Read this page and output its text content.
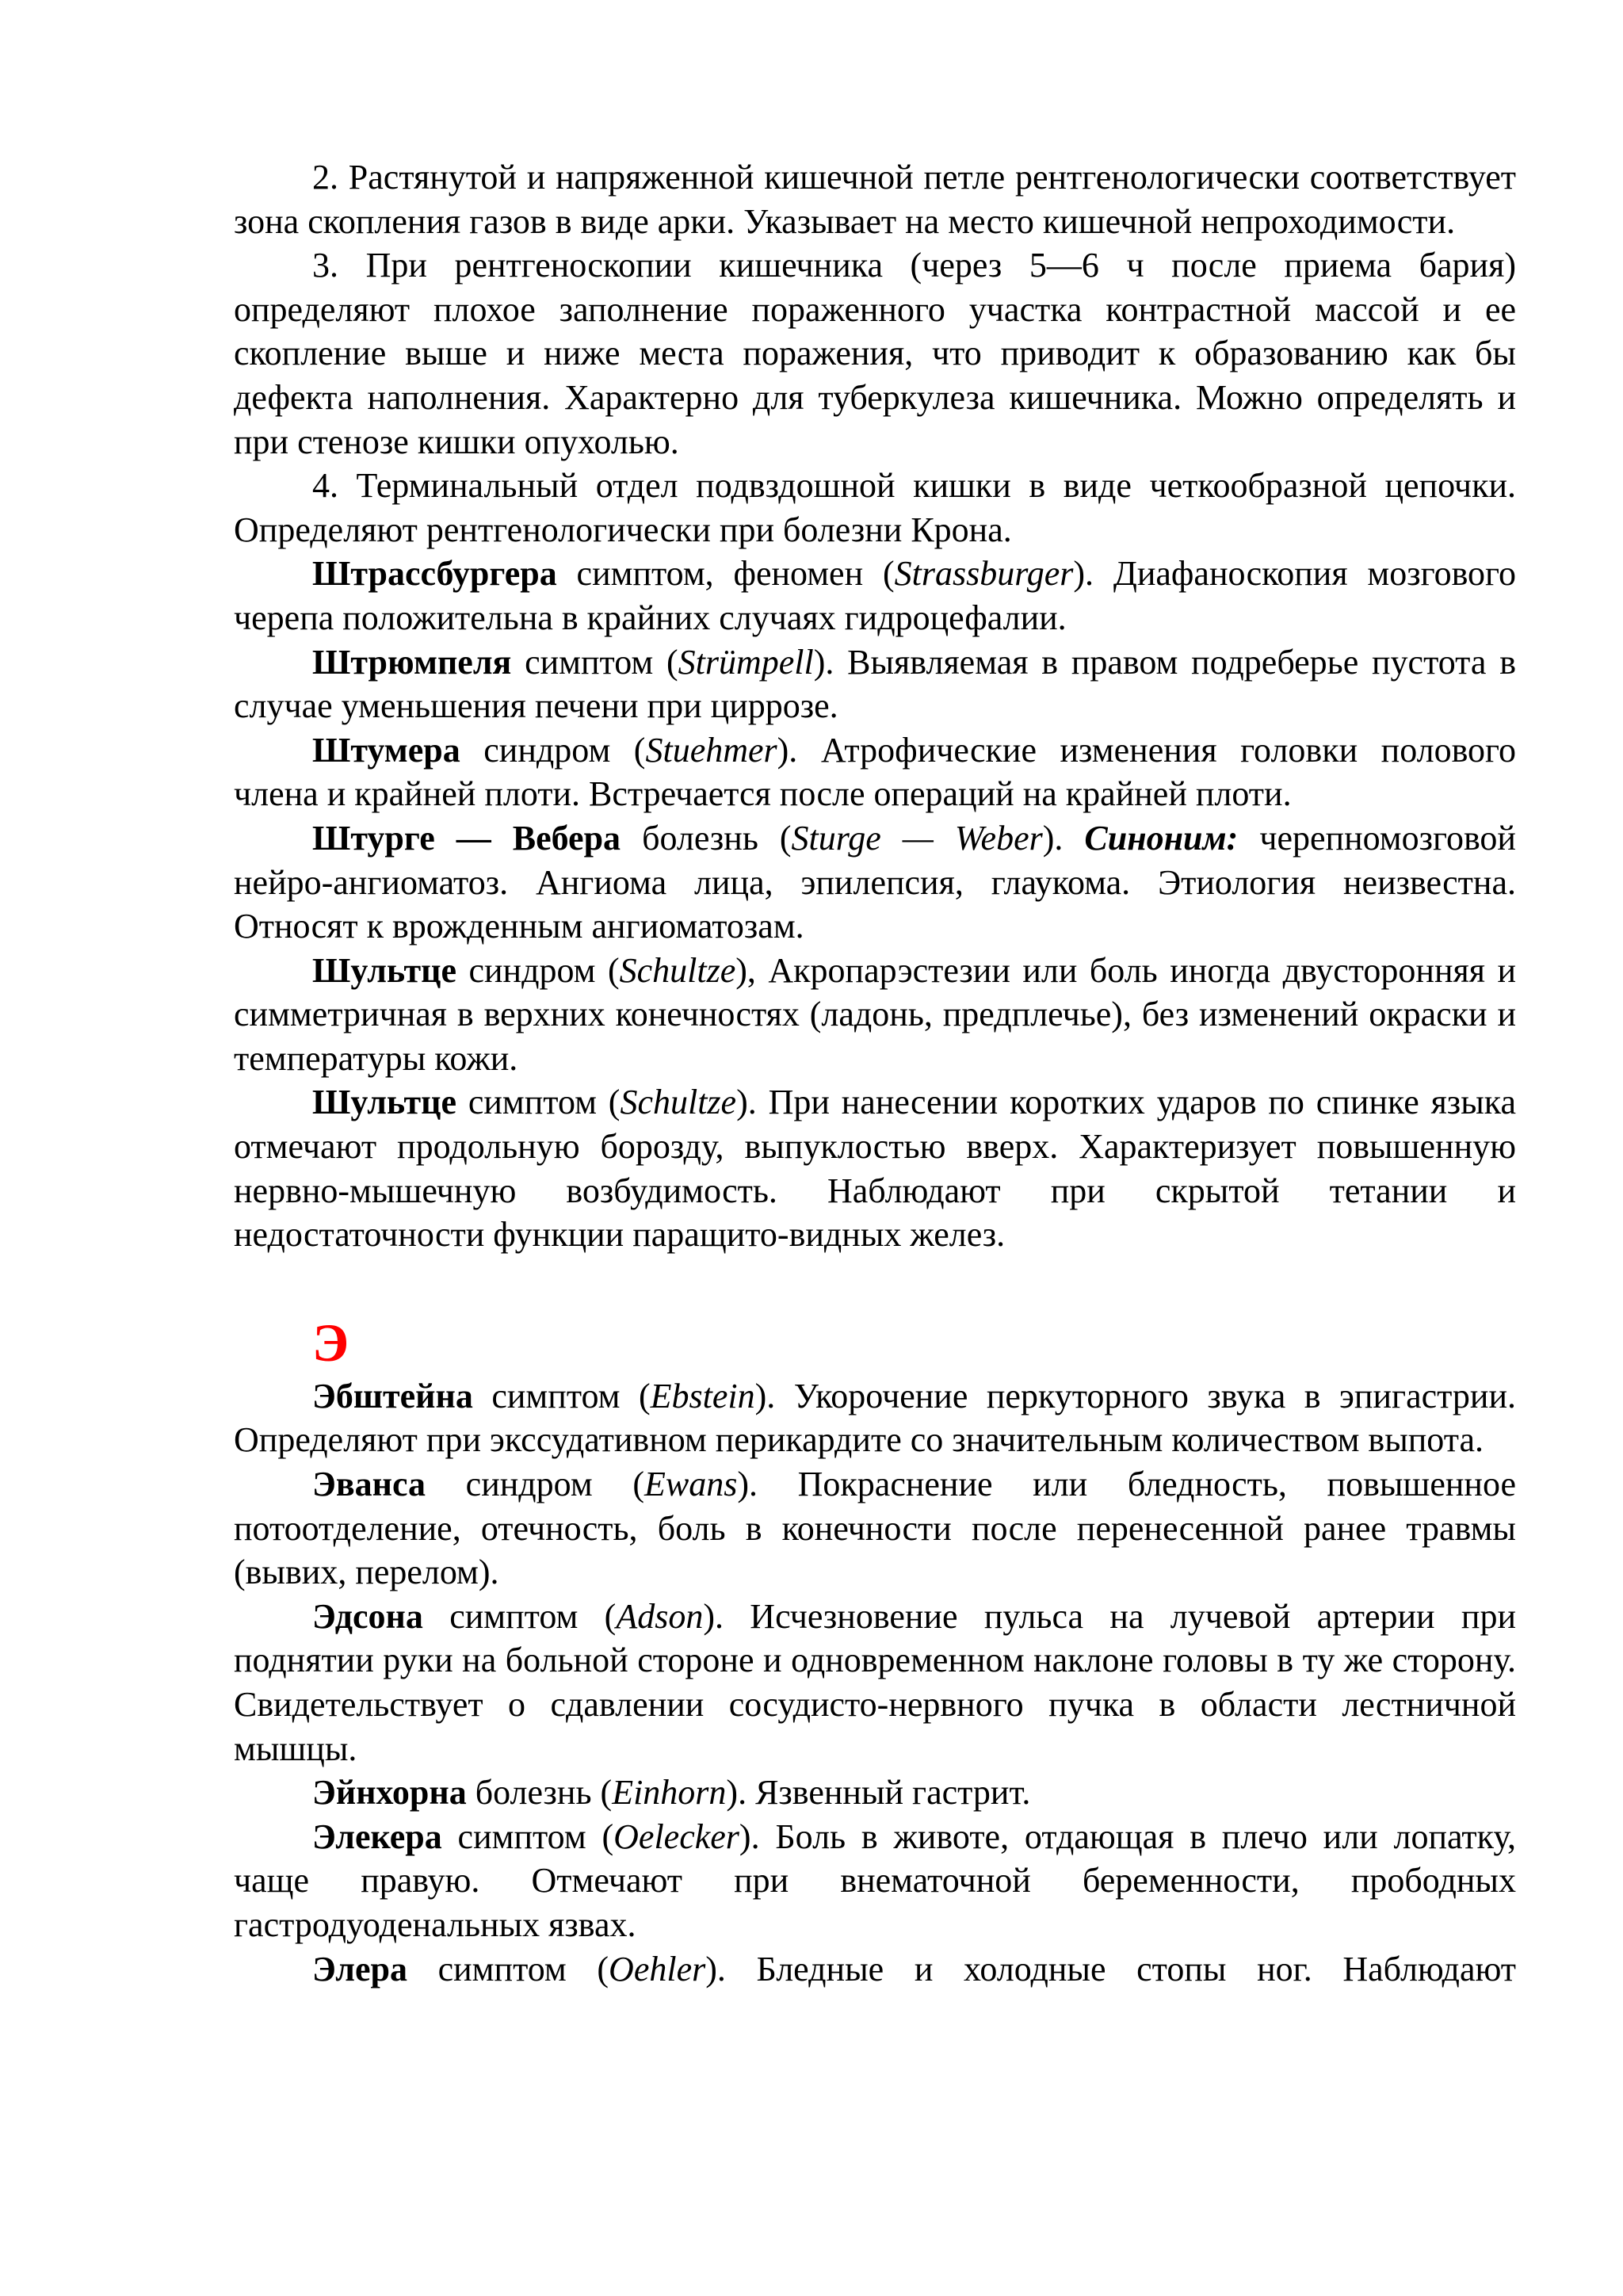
2. Растянутой и напряженной кишечной петле рентгенологически соответствует зона скопления газов в виде арки. Указывает на место кишечной непроходимости.

3. При рентгеноскопии кишечника (через 5—6 ч после приема бария) определяют плохое заполнение пораженного участка контрастной массой и ее скопление выше и ниже места поражения, что приводит к образованию как бы дефекта наполнения. Характерно для туберкулеза кишечника. Можно определять и при стенозе кишки опухолью.

4. Терминальный отдел подвздошной кишки в виде четкообразной цепочки. Определяют рентгенологически при болезни Крона.

Штрассбургера симптом, феномен (Strassburger). Диафаноскопия мозгового черепа положительна в крайних случаях гидроцефалии.

Штрюмпеля симптом (Strümpell). Выявляемая в правом подреберье пустота в случае уменьшения печени при циррозе.

Штумера синдром (Stuehmer). Атрофические изменения головки полового члена и крайней плоти. Встречается после операций на крайней плоти.

Штурге — Вебера болезнь (Sturge — Weber). Синоним: черепномозговой нейро-ангиоматоз. Ангиома лица, эпилепсия, глаукома. Этиология неизвестна. Относят к врожденным ангиоматозам.

Шультце синдром (Schultze), Акропарэстезии или боль иногда двусторонняя и симметричная в верхних конечностях (ладонь, предплечье), без изменений окраски и температуры кожи.

Шультце симптом (Schultze). При нанесении коротких ударов по спинке языка отмечают продольную борозду, выпуклостью вверх. Характеризует повышенную нервно-мышечную возбудимость. Наблюдают при скрытой тетании и недостаточности функции паращито-видных желез.

Э

Эбштейна симптом (Ebstein). Укорочение перкуторного звука в эпигастрии. Определяют при экссудативном перикардите со значительным количеством выпота.

Эванса синдром (Ewans). Покраснение или бледность, повышенное потоотделение, отечность, боль в конечности после перенесенной ранее травмы (вывих, перелом).

Эдсона симптом (Adson). Исчезновение пульса на лучевой артерии при поднятии руки на больной стороне и одновременном наклоне головы в ту же сторону. Свидетельствует о сдавлении сосудисто-нервного пучка в области лестничной мышцы.

Эйнхорна болезнь (Einhorn). Язвенный гастрит.

Элекера симптом (Oelecker). Боль в животе, отдающая в плечо или лопатку, чаще правую. Отмечают при внематочной беременности, прободных гастродуоденальных язвах.

Элера симптом (Oehler). Бледные и холодные стопы ног. Наблюдают
